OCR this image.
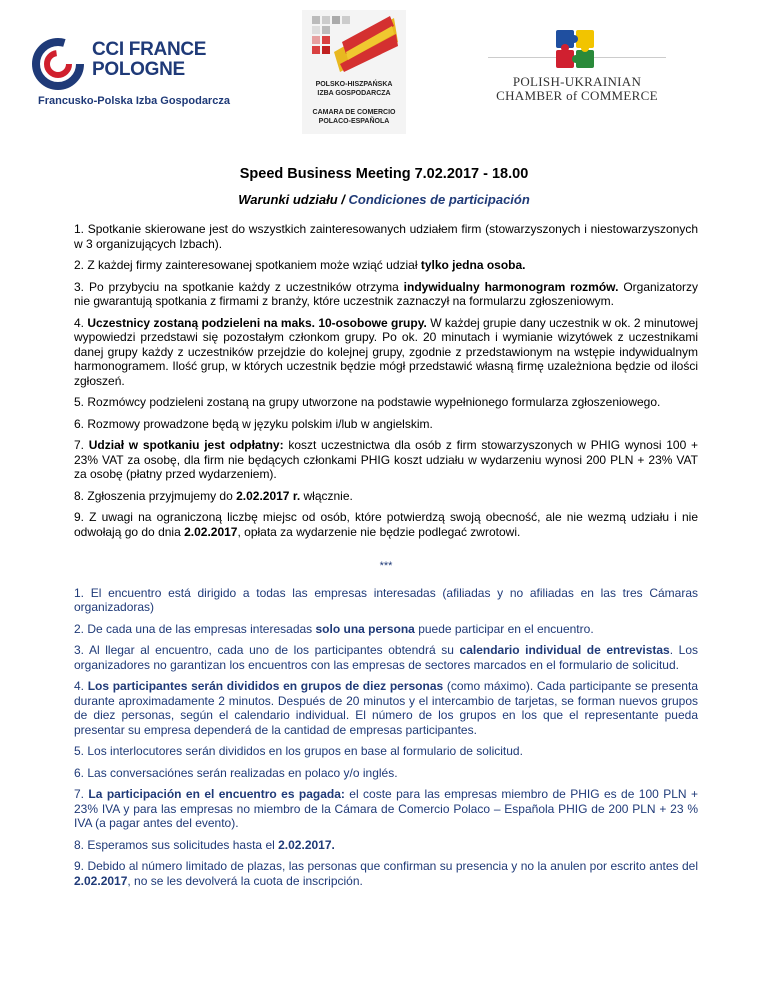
CCI FRANCE
POLOGNE
Francusko-Polska Izba Gospodarcza
POLSKO-HISZPAŃSKA
IZBA GOSPODARCZA
CAMARA DE COMERCIO
POLACO-ESPAÑOLA
POLISH-UKRAINIAN
CHAMBER of COMMERCE
Speed Business Meeting 7.02.2017 - 18.00
Warunki udziału / Condiciones de participación

1. Spotkanie skierowane jest do wszystkich zainteresowanych udziałem firm (stowarzyszonych i niestowarzyszonych w 3 organizujących Izbach).

2. Z każdej firmy zainteresowanej spotkaniem może wziąć udział tylko jedna osoba.

3. Po przybyciu na spotkanie każdy z uczestników otrzyma indywidualny harmonogram rozmów. Organizatorzy nie gwarantują spotkania z firmami z branży, które uczestnik zaznaczył na formularzu zgłoszeniowym.

4. Uczestnicy zostaną podzieleni na maks. 10-osobowe grupy. W każdej grupie dany uczestnik w ok. 2 minutowej wypowiedzi przedstawi się pozostałym członkom grupy. Po ok. 20 minutach i wymianie wizytówek z uczestnikami danej grupy każdy z uczestników przejdzie do kolejnej grupy, zgodnie z przedstawionym na wstępie indywidualnym harmonogramem. Ilość grup, w których uczestnik będzie mógł przedstawić własną firmę uzależniona będzie od ilości zgłoszeń.

5. Rozmówcy podzieleni zostaną na grupy utworzone na podstawie wypełnionego formularza zgłoszeniowego.

6. Rozmowy prowadzone będą w języku polskim i/lub w angielskim.

7. Udział w spotkaniu jest odpłatny: koszt uczestnictwa dla osób z firm stowarzyszonych w PHIG wynosi 100 + 23% VAT za osobę, dla firm nie będących członkami PHIG koszt udziału w wydarzeniu wynosi 200 PLN + 23% VAT za osobę (płatny przed wydarzeniem).

8. Zgłoszenia przyjmujemy do 2.02.2017 r. włącznie.

9. Z uwagi na ograniczoną liczbę miejsc od osób, które potwierdzą swoją obecność, ale nie wezmą udziału i nie odwołają go do dnia 2.02.2017, opłata za wydarzenie nie będzie podlegać zwrotowi.

***

1. El encuentro está dirigido a todas las empresas interesadas (afiliadas y no afiliadas en las tres Cámaras organizadoras)

2. De cada una de las empresas interesadas solo una persona puede participar en el encuentro.

3. Al llegar al encuentro, cada uno de los participantes obtendrá su calendario individual de entrevistas. Los organizadores no garantizan los encuentros con las empresas de sectores marcados en el formulario de solicitud.

4. Los participantes serán divididos en grupos de diez personas (como máximo). Cada participante se presenta durante aproximadamente 2 minutos. Después de 20 minutos y el intercambio de tarjetas, se forman nuevos grupos de diez personas, según el calendario individual. El número de los grupos en los que el representante pueda presentar su empresa dependerá de la cantidad de empresas participantes.

5. Los interlocutores serán divididos en los grupos en base al formulario de solicitud.

6. Las conversaciónes serán realizadas en polaco y/o inglés.

7. La participación en el encuentro es pagada: el coste para las empresas miembro de PHIG es de 100 PLN + 23% IVA y para las empresas no miembro de la Cámara de Comercio Polaco – Española PHIG de 200 PLN + 23 % IVA (a pagar antes del evento).

8. Esperamos sus solicitudes hasta el 2.02.2017.

9. Debido al número limitado de plazas, las personas que confirman su presencia y no la anulen por escrito antes del 2.02.2017, no se les devolverá la cuota de inscripción.
